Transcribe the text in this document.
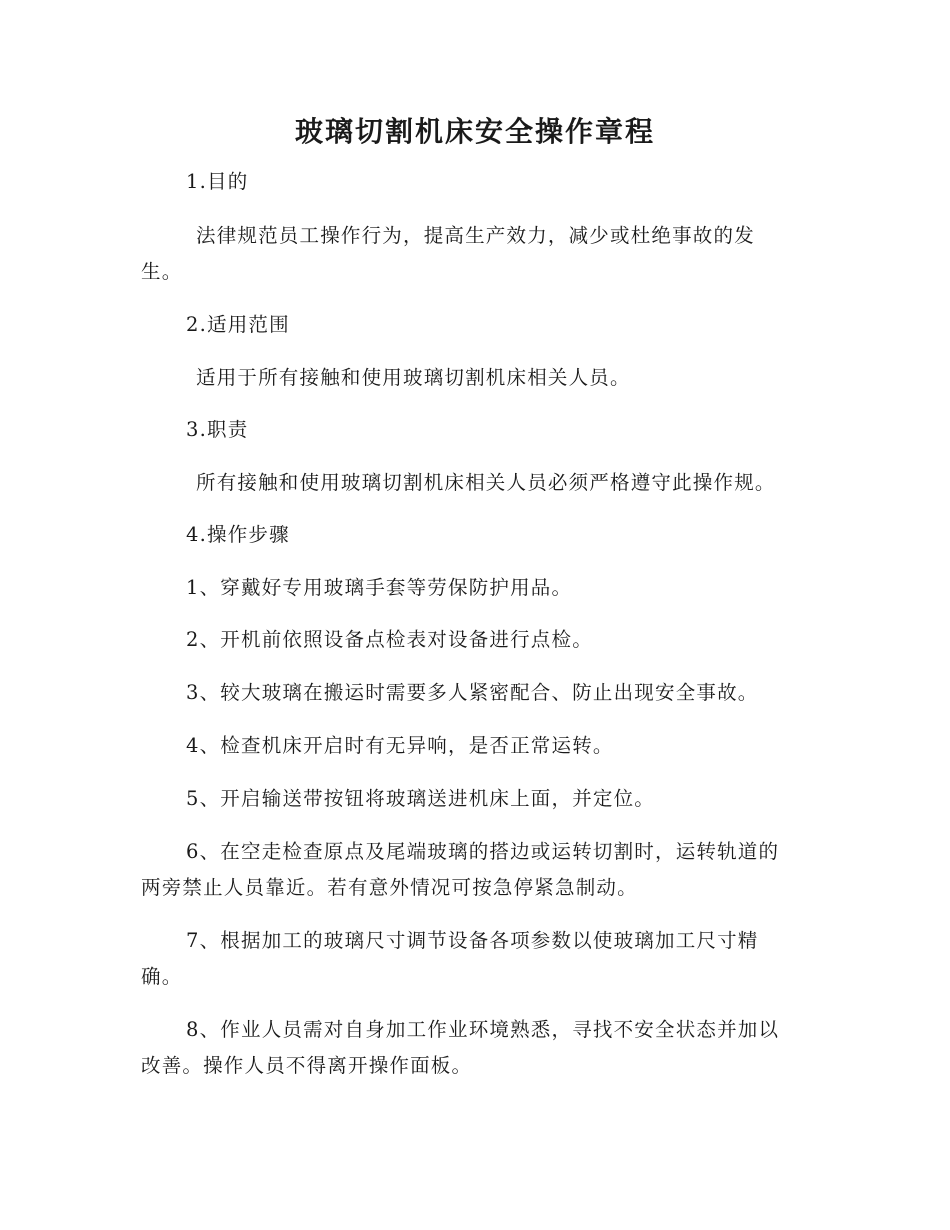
玻璃切割机床安全操作章程
1.目的
法律规范员工操作行为，提高生产效力，减少或杜绝事故的发
生。
2.适用范围
适用于所有接触和使用玻璃切割机床相关人员。
3.职责
所有接触和使用玻璃切割机床相关人员必须严格遵守此操作规。
4.操作步骤
1、穿戴好专用玻璃手套等劳保防护用品。
2、开机前依照设备点检表对设备进行点检。
3、较大玻璃在搬运时需要多人紧密配合、防止出现安全事故。
4、检查机床开启时有无异响，是否正常运转。
5、开启输送带按钮将玻璃送进机床上面，并定位。
6、在空走检查原点及尾端玻璃的搭边或运转切割时，运转轨道的
两旁禁止人员靠近。若有意外情况可按急停紧急制动。
7、根据加工的玻璃尺寸调节设备各项参数以使玻璃加工尺寸精
确。
8、作业人员需对自身加工作业环境熟悉，寻找不安全状态并加以
改善。操作人员不得离开操作面板。
